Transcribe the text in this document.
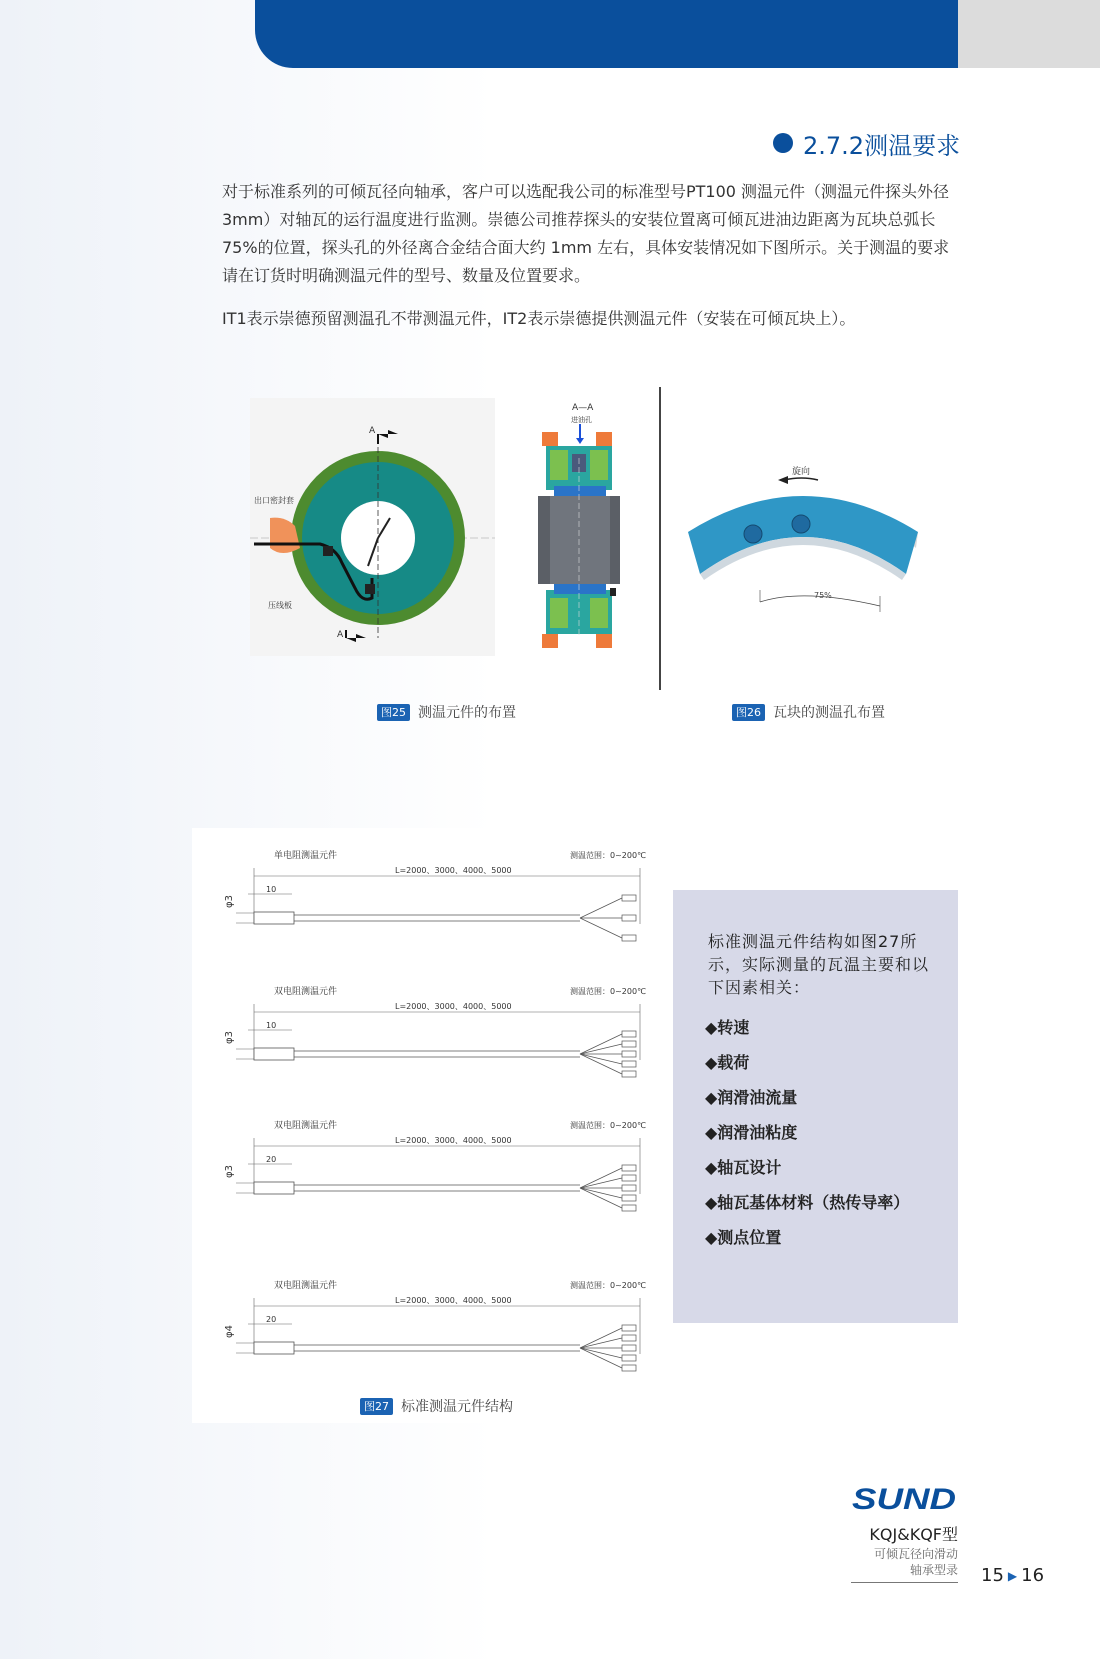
2.7.2测温要求

对于标准系列的可倾瓦径向轴承，客户可以选配我公司的标准型号PT100 测温元件（测温元件探头外径3mm）对轴瓦的运行温度进行监测。崇德公司推荐探头的安装位置离可倾瓦进油边距离为瓦块总弧长 75%的位置，探头孔的外径离合金结合面大约 1mm 左右，具体安装情况如下图所示。关于测温的要求请在订货时明确测温元件的型号、数量及位置要求。

IT1表示崇德预留测温孔不带测温元件，IT2表示崇德提供测温元件（安装在可倾瓦块上）。

A
A
出口密封套
压线板
A—A
进油孔
75%
旋向
图25 测温元件的布置	图26 瓦块的测温孔布置
单电阻测温元件
L=2000、3000、4000、5000
测温范围：0~200℃
φ3
10
双电阻测温元件
L=2000、3000、4000、5000
测温范围：0~200℃
φ3
10
双电阻测温元件
L=2000、3000、4000、5000
测温范围：0~200℃
φ3
20
双电阻测温元件
L=2000、3000、4000、5000
测温范围：0~200℃
φ4
20
图27 标准测温元件结构
标准测温元件结构如图27所示，实际测量的瓦温主要和以下因素相关：
◆转速
◆载荷
◆润滑油流量
◆润滑油粘度
◆轴瓦设计
◆轴瓦基体材料（热传导率）
◆测点位置
SUND
KQJ&KQF型
可倾瓦径向滑动
轴承型录 15 ▶ 16
